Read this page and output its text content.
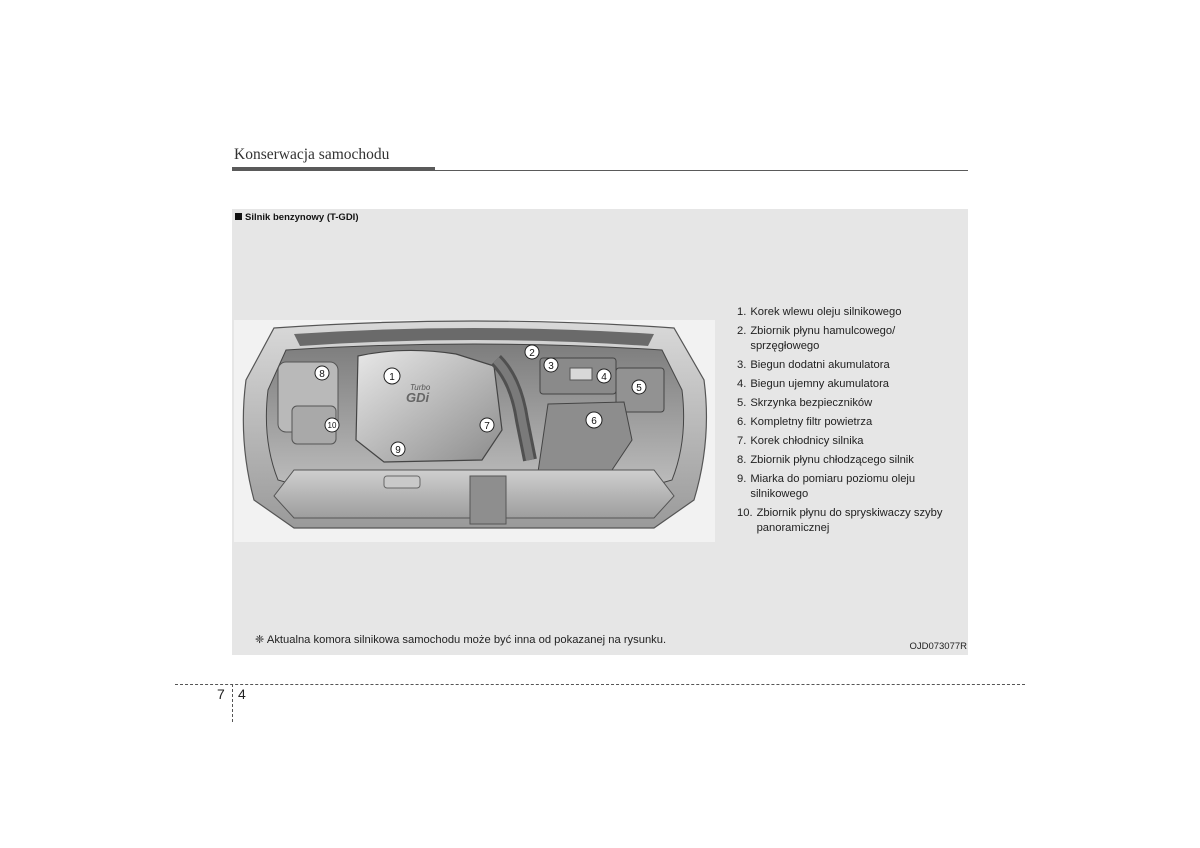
Konserwacja samochodu
Silnik benzynowy (T-GDI)
Turbo
GDi
1
2
3
4
5
6
7
8
9
10
1. Korek wlewu oleju silnikowego
2. Zbiornik płynu hamulcowego/ sprzęgłowego
3. Biegun dodatni akumulatora
4. Biegun ujemny akumulatora
5. Skrzynka bezpieczników
6. Kompletny filtr powietrza
7. Korek chłodnicy silnika
8. Zbiornik płynu chłodzącego silnik
9. Miarka do pomiaru poziomu oleju silnikowego
10. Zbiornik płynu do spryskiwaczy szyby panoramicznej
❈ Aktualna komora silnikowa samochodu może być inna od pokazanej na rysunku.
OJD073077R
7 4
